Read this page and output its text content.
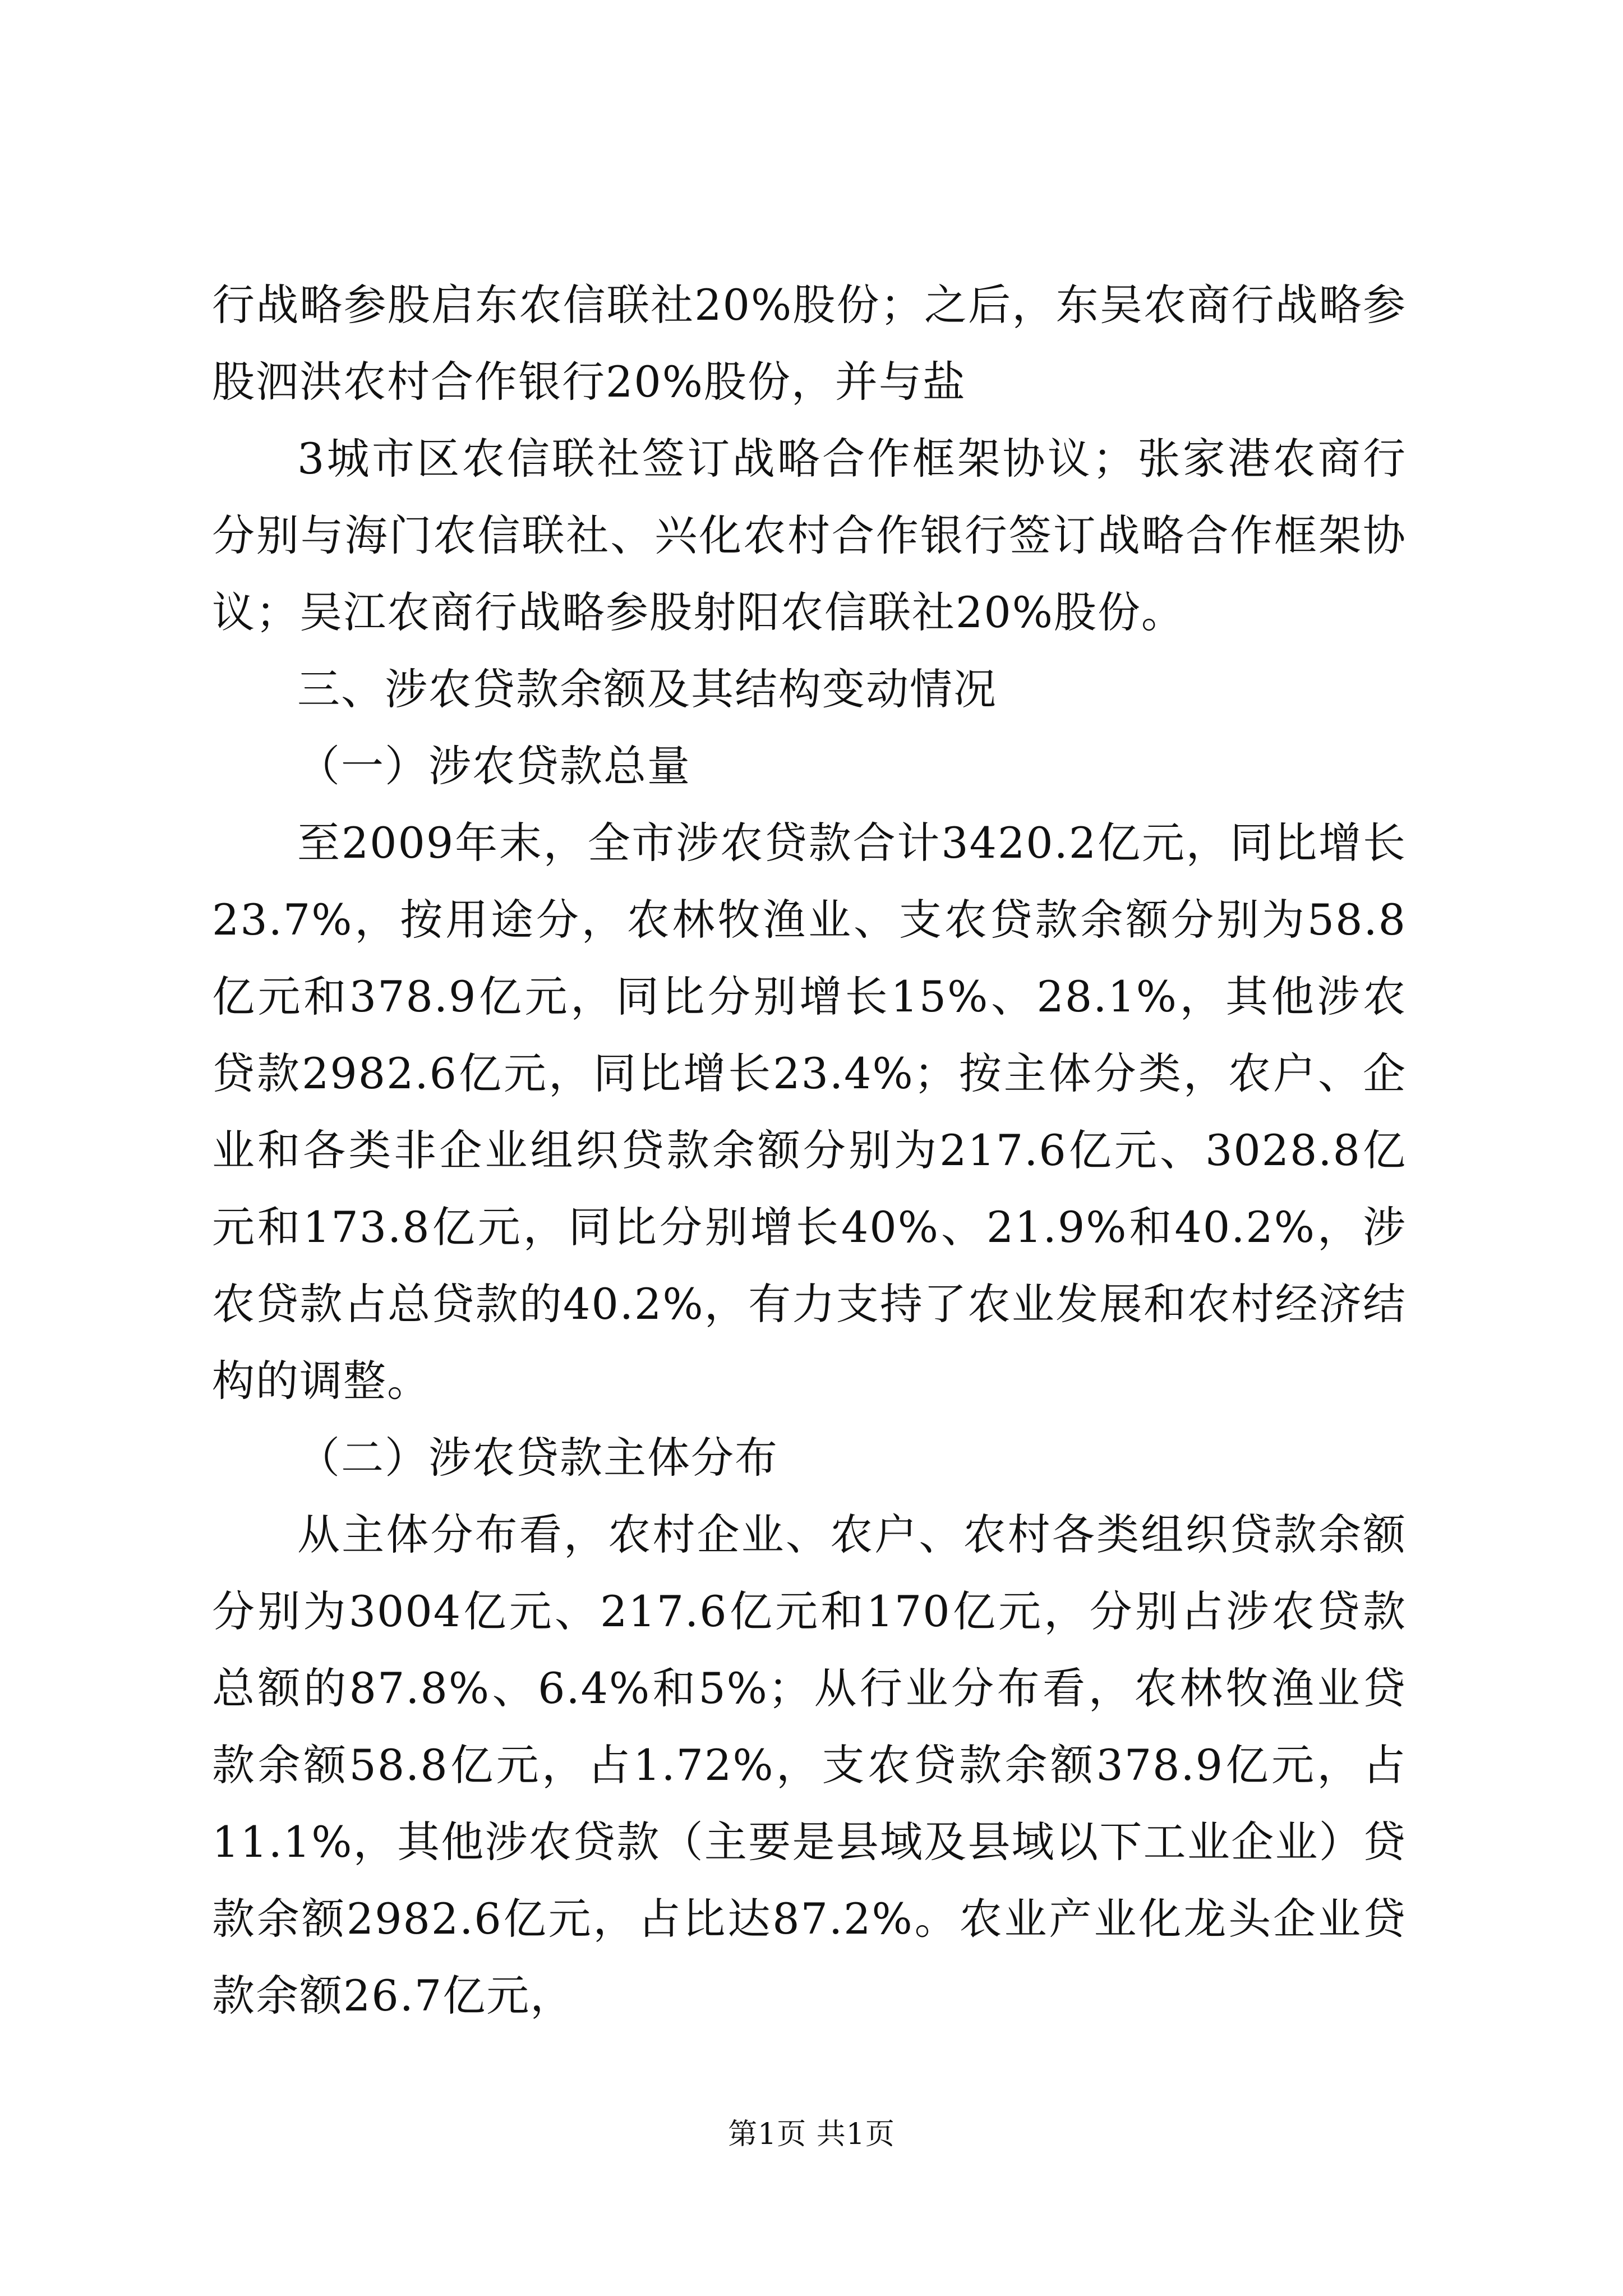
行战略参股启东农信联社20%股份；之后，东吴农商行战略参股泗洪农村合作银行20%股份，并与盐

3城市区农信联社签订战略合作框架协议；张家港农商行分别与海门农信联社、兴化农村合作银行签订战略合作框架协议；吴江农商行战略参股射阳农信联社20%股份。

三、涉农贷款余额及其结构变动情况

（一）涉农贷款总量

至2009年末，全市涉农贷款合计3420.2亿元，同比增长23.7%，按用途分，农林牧渔业、支农贷款余额分别为58.8亿元和378.9亿元，同比分别增长15%、28.1%，其他涉农贷款2982.6亿元，同比增长23.4%；按主体分类，农户、企业和各类非企业组织贷款余额分别为217.6亿元、3028.8亿元和173.8亿元，同比分别增长40%、21.9%和40.2%，涉农贷款占总贷款的40.2%，有力支持了农业发展和农村经济结构的调整。

（二）涉农贷款主体分布

从主体分布看，农村企业、农户、农村各类组织贷款余额分别为3004亿元、217.6亿元和170亿元，分别占涉农贷款总额的87.8%、6.4%和5%；从行业分布看，农林牧渔业贷款余额58.8亿元，占1.72%，支农贷款余额378.9亿元，占11.1%，其他涉农贷款（主要是县域及县域以下工业企业）贷款余额2982.6亿元，占比达87.2%。农业产业化龙头企业贷款余额26.7亿元，

第1页 共1页
